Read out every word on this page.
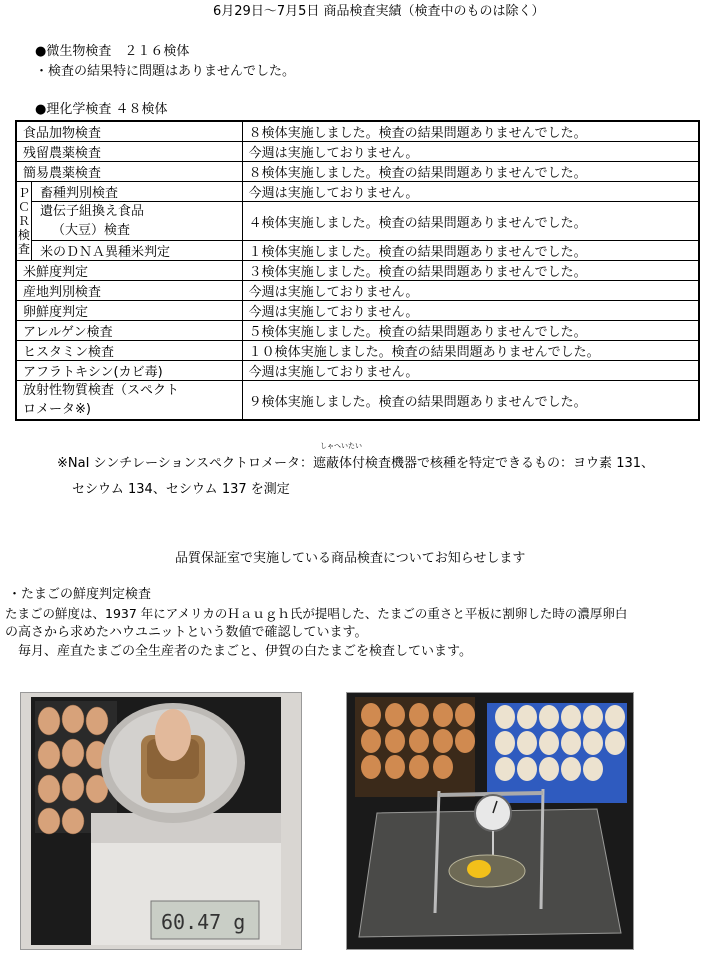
6月29日～7月5日 商品検査実績（検査中のものは除く）
●微生物検査　２１６検体
・検査の結果特に問題はありませんでした。
●理化学検査 ４８検体
食品加物検査		８検体実施しました。検査の結果問題ありませんでした。
残留農薬検査		今週は実施しておりません。
簡易農薬検査		８検体実施しました。検査の結果問題ありませんでした。
ＰＣＲ検査	畜種判別検査	今週は実施しておりません。

	遺伝子組換え食品
（大豆）検査	４検体実施しました。検査の結果問題ありませんでした。
	米のＤＮＡ異種米判定	１検体実施しました。検査の結果問題ありませんでした。
米鮮度判定		３検体実施しました。検査の結果問題ありませんでした。
産地判別検査		今週は実施しておりません。
卵鮮度判定		今週は実施しておりません。
アレルゲン検査		５検体実施しました。検査の結果問題ありませんでした。
ヒスタミン検査		１０検体実施しました。検査の結果問題ありませんでした。
アフラトキシン(カビ毒)		今週は実施しておりません。

放射性物質検査（スペクト
ロメータ※)		９検体実施しました。検査の結果問題ありませんでした。
しゃへいたい
※NaI シンチレーションスペクトロメータ：遮蔽体付検査機器で核種を特定できるもの：ヨウ素 131、
セシウム 134、セシウム 137 を測定
品質保証室で実施している商品検査についてお知らせします
・たまごの鮮度判定検査
たまごの鮮度は、1937 年にアメリカのＨａｕｇｈ氏が提唱した、たまごの重さと平板に割卵した時の濃厚卵白
の高さから求めたハウユニットという数値で確認しています。
　毎月、産直たまごの全生産者のたまごと、伊賀の白たまごを検査しています。
60.47 g
